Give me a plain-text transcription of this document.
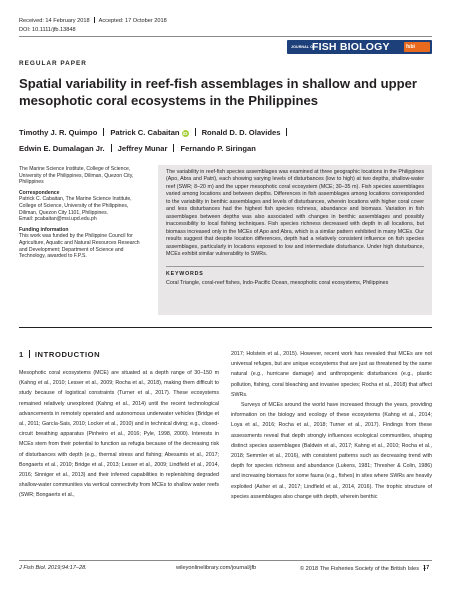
Received: 14 February 2018 Accepted: 17 October 2018
DOI: 10.1111/jfb.13848
JOURNAL OF
FISH BIOLOGY	fsbi
REGULAR PAPER
Spatial variability in reef-fish assemblages in shallow and upper mesophotic coral ecosystems in the Philippines
Timothy J. R. Quimpo Patrick C. Cabaitan iD Ronald D. D. Olavides
Edwin E. Dumalagan Jr. Jeffrey Munar Fernando P. Siringan

The Marine Science Institute, College of Science, University of the Philippines, Diliman, Quezon City, Philippines

Correspondence

Patrick C. Cabaitan, The Marine Science Institute, College of Science, University of the Philippines, Diliman, Quezon City 1101, Philippines.

Email: pcabaitan@msi.upd.edu.ph

Funding information

This work was funded by the Philippine Council for Agriculture, Aquatic and Natural Resources Research and Development; Department of Science and Technology, awarded to F.P.S.

The variability in reef-fish species assemblages was examined at three geographic locations in the Philippines (Apo, Abra and Patri), each showing varying levels of disturbances (low to high) at two depths, shallow-water reef (SWR; 8–20 m) and the upper mesophotic coral ecosystem (MCE; 30–35 m). Fish species assemblages varied among locations and between depths. Differences in fish assemblages among locations corresponded to the variability in benthic assemblages and levels of disturbances, wherein locations with higher coral cover and less disturbances had the highest fish species richness, abundance and biomass. Variation in fish assemblages between depths was also associated with changes in benthic assemblages and possibly inaccessibility to local fishing techniques. Fish species richness decreased with depth in all locations, but biomass increased only in the MCEs of Apo and Abra, which is a similar pattern exhibited in many MCEs. Our results suggest that despite location differences, depth had a relatively consistent influence on fish species assemblages, particularly in locations exposed to low and intermediate disturbance. Under high disturbance, MCEs exhibit similar vulnerability to SWRs.
KEYWORDS
Coral Triangle, coral-reef fishes, Indo-Pacific Ocean, mesophotic coral ecosystems, Philippines
1 INTRODUCTION

Mesophotic coral ecosystems (MCE) are situated at a depth range of 30–150 m (Kahng et al., 2010; Lesser et al., 2009; Rocha et al., 2018), making them difficult to study because of logistical constraints (Turner et al., 2017). These ecosystems remained relatively unexplored (Kahng et al., 2014) until the recent technological advancements in remotely operated and autonomous underwater vehicles (Bridge et al., 2011; García-Sais, 2010; Locker et al., 2010) and in technical diving; e.g., closed-circuit breathing apparatus (Pinheiro et al., 2016; Pyle, 1998, 2000). Interests in MCEs stem from their potential to function as refugia because of the decreasing risk of disturbances with depth (e.g., thermal stress and fishing; Abesamis et al., 2017; Bongaerts et al., 2010; Bridge et al., 2013; Lesser et al., 2009; Lindfield et al., 2014, 2016; Sinniger et al., 2013) and their inferred capabilities in replenishing degraded shallow-water communities via vertical connectivity from MCEs to shallow water reefs (SWR; Bongaerts et al.,

2017; Holstein et al., 2015). However, recent work has revealed that MCEs are not universal refuges, but are unique ecosystems that are just as threatened by the same natural (e.g., hurricane damage) and anthropogenic disturbances (e.g., plastic pollution, fishing, coral bleaching and invasive species; Rocha et al., 2018) that affect SWRs.

Surveys of MCEs around the world have increased through the years, providing information on the biology and ecology of these ecosystems (Kahng et al., 2014; Loya et al., 2016; Rocha et al., 2018; Turner et al., 2017). Findings from these assessments reveal that depth strongly influences ecological communities, shaping distinct species assemblages (Baldwin et al., 2017; Kahng et al., 2010; Rocha et al., 2018; Semmler et al., 2016), with consistent patterns such as decreasing trend with depth for species richness and abundance (Lukens, 1981; Thresher & Colin, 1986) and increasing biomass for some fauna (e.g., fishes) in sites where SWRs are heavily exploited (Asher et al., 2017; Lindfield et al., 2014, 2016). The trophic structure of species assemblages also change with depth, wherein benthic

J Fish Biol. 2019;94:17–28.	wileyonlinelibrary.com/journal/jfb	© 2018 The Fisheries Society of the British Isles 17
